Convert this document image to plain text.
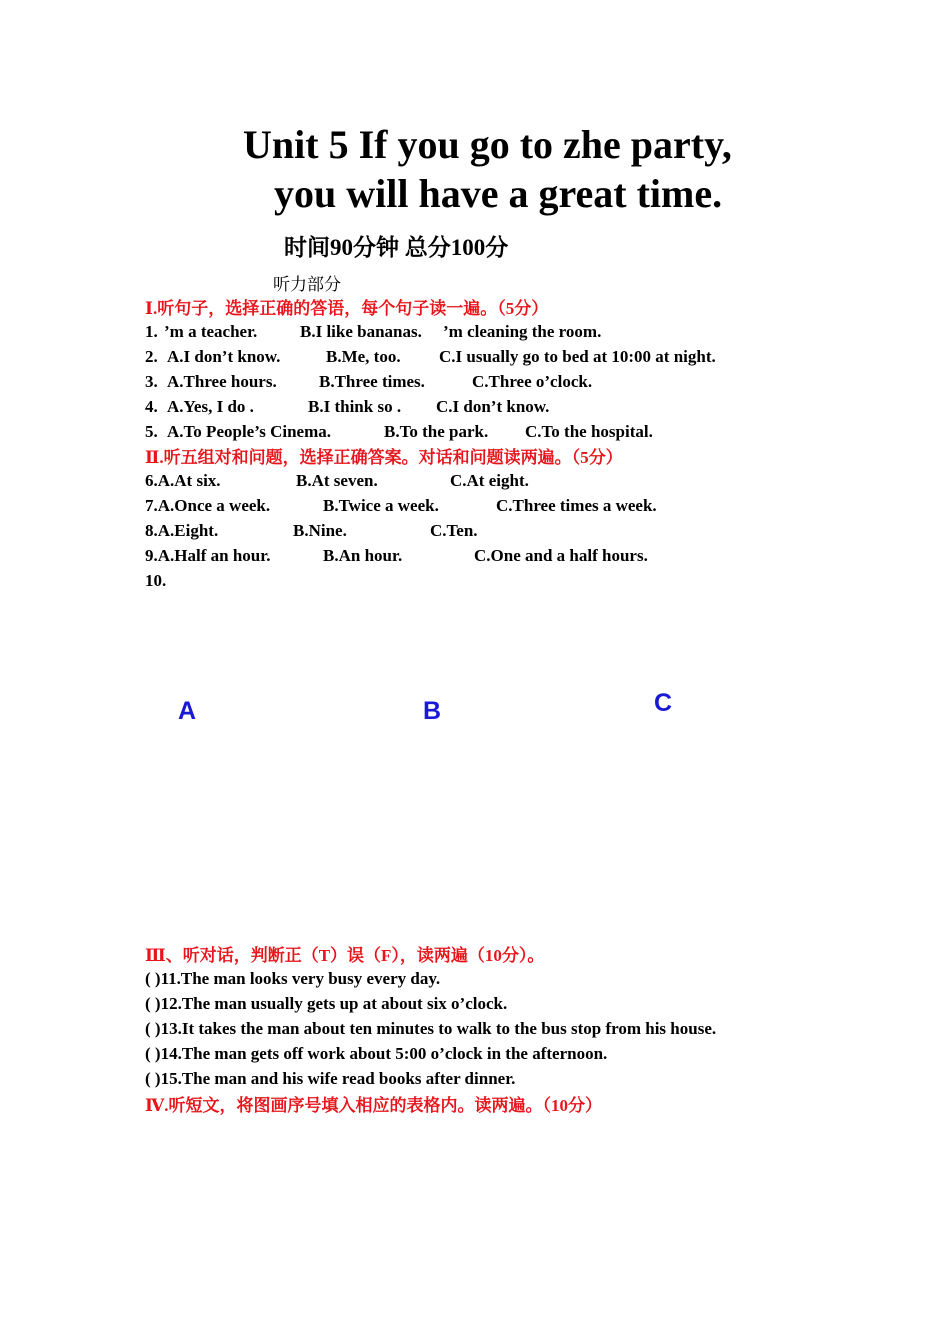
Unit 5 If you go to zhe party,
you will have a great time.
时间90分钟 总分100分
听力部分
Ⅰ.听句子，选择正确的答语，每个句子读一遍。（5分）
1. ’m a teacher.	B.I like bananas. ’m cleaning the room.
2. A.I don’t know.	B.Me, too. C.I usually go to bed at 10:00 at night.
3. A.Three hours. B.Three times.	C.Three o’clock.
4. A.Yes, I do .	B.I think so . C.I don’t know.
5. A.To People’s Cinema.	B.To the park. C.To the hospital.
Ⅱ.听五组对和问题，选择正确答案。对话和问题读两遍。（5分）
6.A.At six.	B.At seven.	C.At eight.
7.A.Once a week.	B.Twice a week.	C.Three times a week.
8.A.Eight.	B.Nine.	C.Ten.
9.A.Half an hour.	B.An hour.	C.One and a half hours.
10.
A	B	C
Ⅲ、听对话，判断正（T）误（F），读两遍（10分）。
( )11.The man looks very busy every day.
( )12.The man usually gets up at about six o’clock.
( )13.It takes the man about ten minutes to walk to the bus stop from his house.
( )14.The man gets off work about 5:00 o’clock in the afternoon.
( )15.The man and his wife read books after dinner.
Ⅳ.听短文，将图画序号填入相应的表格内。读两遍。（10分）
